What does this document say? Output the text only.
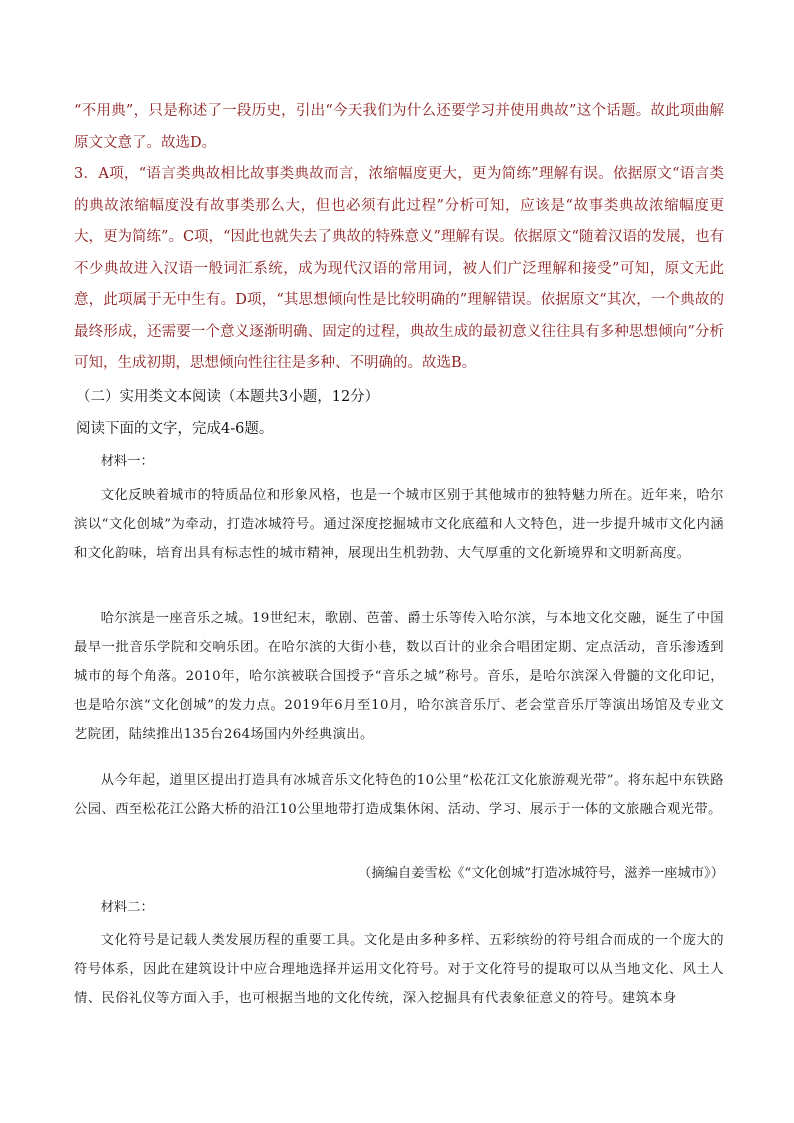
“不用典”，只是称述了一段历史，引出“今天我们为什么还要学习并使用典故”这个话题。故此项曲解原文文意了。故选D。

3．A项，“语言类典故相比故事类典故而言，浓缩幅度更大，更为简练”理解有误。依据原文“语言类的典故浓缩幅度没有故事类那么大，但也必须有此过程”分析可知，应该是“故事类典故浓缩幅度更大，更为简练”。C项，“因此也就失去了典故的特殊意义”理解有误。依据原文“随着汉语的发展，也有不少典故进入汉语一般词汇系统，成为现代汉语的常用词，被人们广泛理解和接受”可知，原文无此意，此项属于无中生有。D项，“其思想倾向性是比较明确的”理解错误。依据原文“其次，一个典故的最终形成，还需要一个意义逐渐明确、固定的过程，典故生成的最初意义往往具有多种思想倾向”分析可知，生成初期，思想倾向性往往是多种、不明确的。故选B。

（二）实用类文本阅读（本题共3小题，12分）

阅读下面的文字，完成4-6题。

材料一：

文化反映着城市的特质品位和形象风格，也是一个城市区别于其他城市的独特魅力所在。近年来，哈尔滨以“文化创城”为牵动，打造冰城符号。通过深度挖掘城市文化底蕴和人文特色，进一步提升城市文化内涵和文化韵味，培育出具有标志性的城市精神，展现出生机勃勃、大气厚重的文化新境界和文明新高度。

哈尔滨是一座音乐之城。19世纪末，歌剧、芭蕾、爵士乐等传入哈尔滨，与本地文化交融，诞生了中国最早一批音乐学院和交响乐团。在哈尔滨的大街小巷，数以百计的业余合唱团定期、定点活动，音乐渗透到城市的每个角落。2010年，哈尔滨被联合国授予“音乐之城”称号。音乐，是哈尔滨深入骨髓的文化印记，也是哈尔滨“文化创城”的发力点。2019年6月至10月，哈尔滨音乐厅、老会堂音乐厅等演出场馆及专业文艺院团，陆续推出135台264场国内外经典演出。

从今年起，道里区提出打造具有冰城音乐文化特色的10公里“松花江文化旅游观光带”。将东起中东铁路公园、西至松花江公路大桥的沿江10公里地带打造成集休闲、活动、学习、展示于一体的文旅融合观光带。

（摘编自姜雪松《“文化创城”打造冰城符号，滋养一座城市》）

材料二：

文化符号是记载人类发展历程的重要工具。文化是由多种多样、五彩缤纷的符号组合而成的一个庞大的符号体系，因此在建筑设计中应合理地选择并运用文化符号。对于文化符号的提取可以从当地文化、风土人情、民俗礼仪等方面入手，也可根据当地的文化传统，深入挖掘具有代表象征意义的符号。建筑本身
